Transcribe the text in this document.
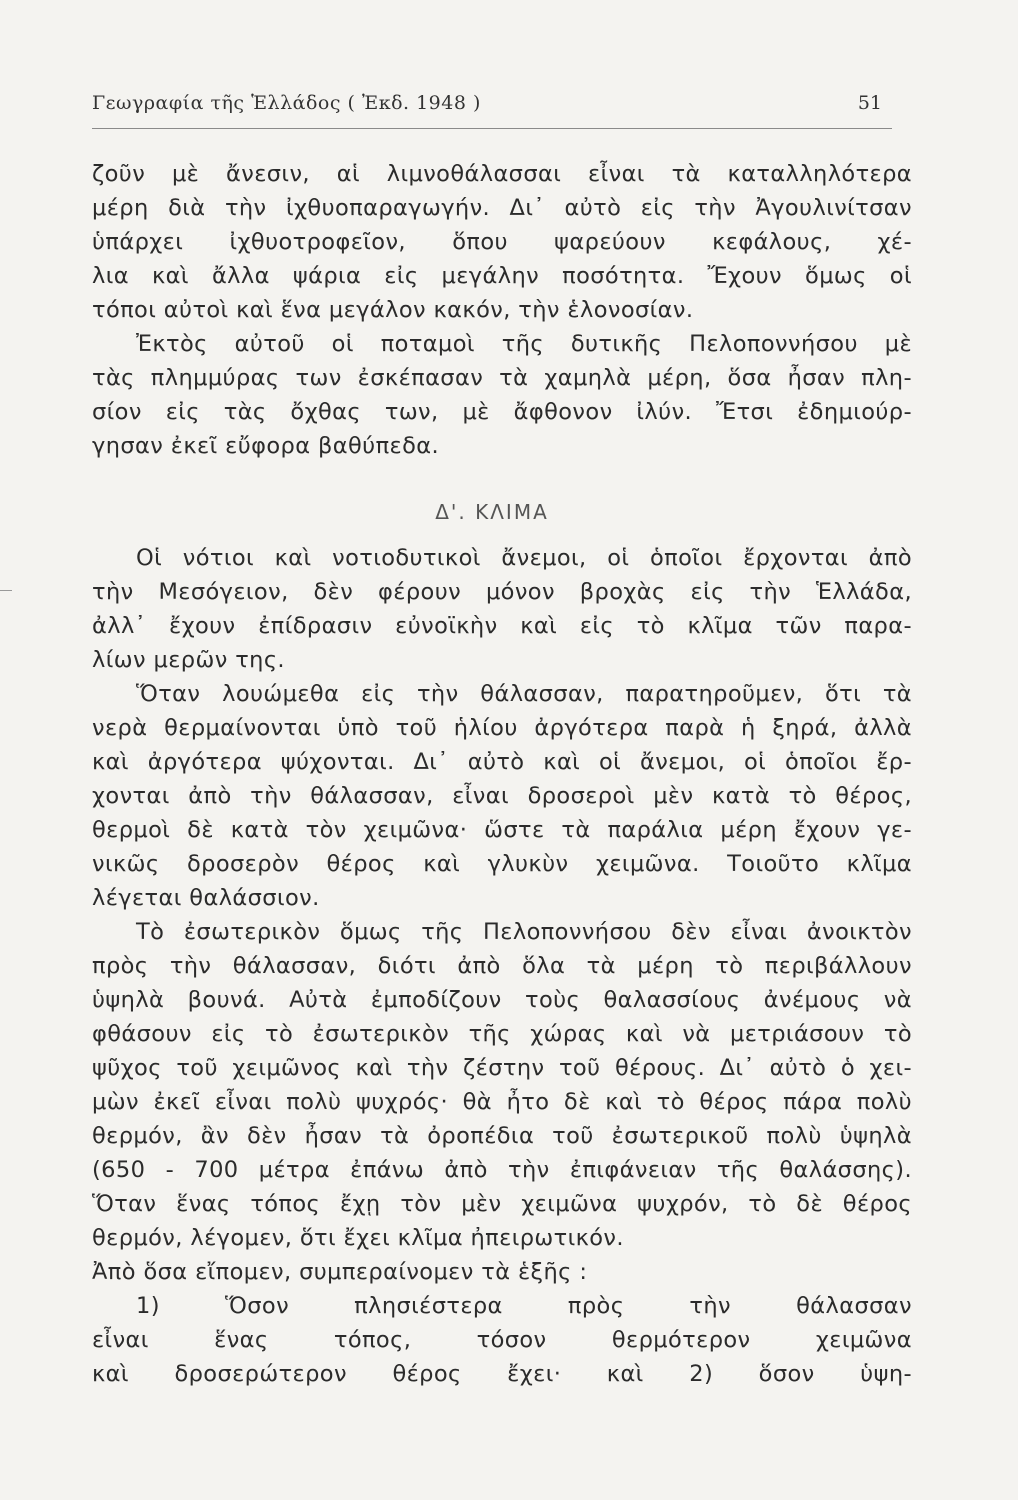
Γεωγραφία τῆς Ἑλλάδος ( Ἐκδ. 1948 )	51
ζοῦν μὲ ἄνεσιν, αἱ λιμνοθάλασσαι εἶναι τὰ καταλληλότερα
μέρη διὰ τὴν ἰχθυοπαραγωγήν. Δι᾽ αὐτὸ εἰς τὴν Ἀγουλινίτσαν
ὑπάρχει ἰχθυοτροφεῖον, ὅπου ψαρεύουν κεφάλους, χέ-
λια καὶ ἄλλα ψάρια εἰς μεγάλην ποσότητα. Ἔχουν ὅμως οἱ
τόποι αὐτοὶ καὶ ἕνα μεγάλον κακόν, τὴν ἑλονοσίαν.
Ἐκτὸς αὐτοῦ οἱ ποταμοὶ τῆς δυτικῆς Πελοποννήσου μὲ
τὰς πλημμύρας των ἐσκέπασαν τὰ χαμηλὰ μέρη, ὅσα ἦσαν πλη-
σίον εἰς τὰς ὄχθας των, μὲ ἄφθονον ἰλύν. Ἔτσι ἐδημιούρ-
γησαν ἐκεῖ εὔφορα βαθύπεδα.
Δ'. ΚΛΙΜΑ
Οἱ νότιοι καὶ νοτιοδυτικοὶ ἄνεμοι, οἱ ὁποῖοι ἔρχονται ἀπὸ
τὴν Μεσόγειον, δὲν φέρουν μόνον βροχὰς εἰς τὴν Ἑλλάδα,
ἀλλ᾽ ἔχουν ἐπίδρασιν εὐνοϊκὴν καὶ εἰς τὸ κλῖμα τῶν παρα-
λίων μερῶν της.
Ὅταν λουώμεθα εἰς τὴν θάλασσαν, παρατηροῦμεν, ὅτι τὰ
νερὰ θερμαίνονται ὑπὸ τοῦ ἡλίου ἀργότερα παρὰ ἡ ξηρά, ἀλλὰ
καὶ ἀργότερα ψύχονται. Δι᾽ αὐτὸ καὶ οἱ ἄνεμοι, οἱ ὁποῖοι ἔρ-
χονται ἀπὸ τὴν θάλασσαν, εἶναι δροσεροὶ μὲν κατὰ τὸ θέρος,
θερμοὶ δὲ κατὰ τὸν χειμῶνα· ὥστε τὰ παράλια μέρη ἔχουν γε-
νικῶς δροσερὸν θέρος καὶ γλυκὺν χειμῶνα. Τοιοῦτο κλῖμα
λέγεται θαλάσσιον.
Τὸ ἐσωτερικὸν ὅμως τῆς Πελοποννήσου δὲν εἶναι ἀνοικτὸν
πρὸς τὴν θάλασσαν, διότι ἀπὸ ὅλα τὰ μέρη τὸ περιβάλλουν
ὑψηλὰ βουνά. Αὐτὰ ἐμποδίζουν τοὺς θαλασσίους ἀνέμους νὰ
φθάσουν εἰς τὸ ἐσωτερικὸν τῆς χώρας καὶ νὰ μετριάσουν τὸ
ψῦχος τοῦ χειμῶνος καὶ τὴν ζέστην τοῦ θέρους. Δι᾽ αὐτὸ ὁ χει-
μὼν ἐκεῖ εἶναι πολὺ ψυχρός· θὰ ἦτο δὲ καὶ τὸ θέρος πάρα πολὺ
θερμόν, ἂν δὲν ἦσαν τὰ ὀροπέδια τοῦ ἐσωτερικοῦ πολὺ ὑψηλὰ
(650 - 700 μέτρα ἐπάνω ἀπὸ τὴν ἐπιφάνειαν τῆς θαλάσσης).
Ὅταν ἕνας τόπος ἔχῃ τὸν μὲν χειμῶνα ψυχρόν, τὸ δὲ θέρος
θερμόν, λέγομεν, ὅτι ἔχει κλῖμα ἠπειρωτικόν.
Ἀπὸ ὅσα εἴπομεν, συμπεραίνομεν τὰ ἑξῆς :
1) Ὅσον πλησιέστερα πρὸς τὴν θάλασσαν
εἶναι ἕνας τόπος, τόσον θερμότερον χειμῶνα
καὶ δροσερώτερον θέρος ἔχει· καὶ 2) ὅσον ὑψη-
